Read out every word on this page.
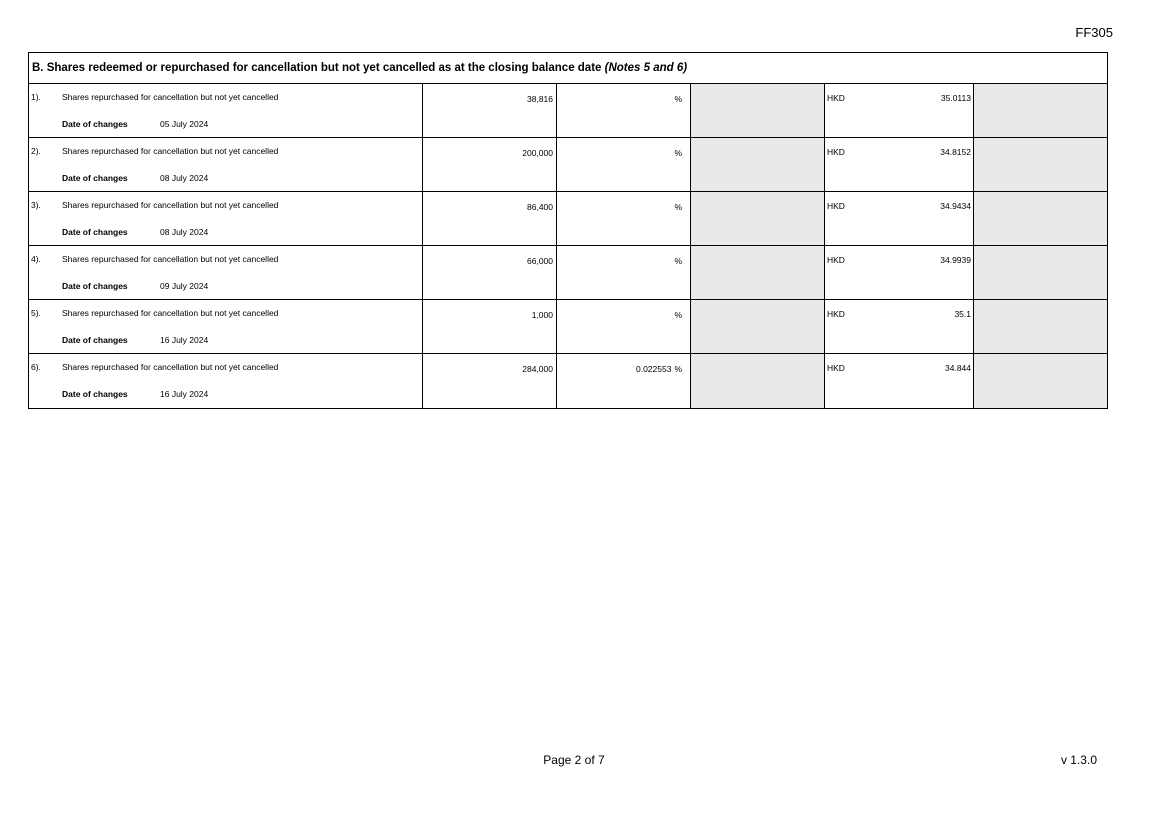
FF305
B. Shares redeemed or repurchased for cancellation but not yet cancelled as at the closing balance date (Notes 5 and 6)
1). Shares repurchased for cancellation but not yet cancelled
Date of changes	05 July 2024
38,816	%	HKD	35.0113
2). Shares repurchased for cancellation but not yet cancelled
Date of changes	08 July 2024
200,000	%	HKD	34.8152
3). Shares repurchased for cancellation but not yet cancelled
Date of changes	08 July 2024
86,400	%	HKD	34.9434
4). Shares repurchased for cancellation but not yet cancelled
Date of changes	09 July 2024
66,000	%	HKD	34.9939
5). Shares repurchased for cancellation but not yet cancelled
Date of changes	16 July 2024
1,000	%	HKD	35.1
6). Shares repurchased for cancellation but not yet cancelled
Date of changes	16 July 2024
284,000	0.022553 %	HKD	34.844
Page 2 of 7	v 1.3.0
